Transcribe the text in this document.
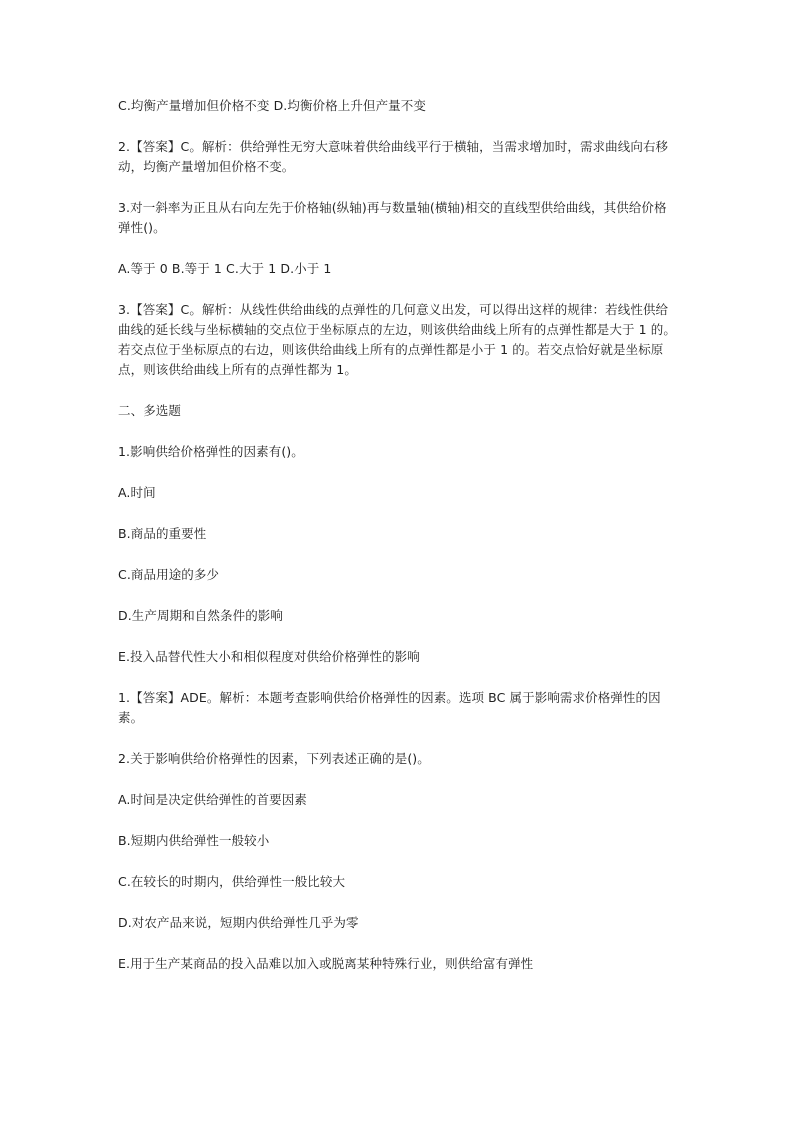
C.均衡产量增加但价格不变 D.均衡价格上升但产量不变

2.【答案】C。解析：供给弹性无穷大意味着供给曲线平行于横轴，当需求增加时，需求曲线向右移动，均衡产量增加但价格不变。

3.对一斜率为正且从右向左先于价格轴(纵轴)再与数量轴(横轴)相交的直线型供给曲线，其供给价格弹性()。

A.等于 0 B.等于 1 C.大于 1 D.小于 1

3.【答案】C。解析：从线性供给曲线的点弹性的几何意义出发，可以得出这样的规律：若线性供给曲线的延长线与坐标横轴的交点位于坐标原点的左边，则该供给曲线上所有的点弹性都是大于 1 的。若交点位于坐标原点的右边，则该供给曲线上所有的点弹性都是小于 1 的。若交点恰好就是坐标原点，则该供给曲线上所有的点弹性都为 1。

二、多选题

1.影响供给价格弹性的因素有()。

A.时间

B.商品的重要性

C.商品用途的多少

D.生产周期和自然条件的影响

E.投入品替代性大小和相似程度对供给价格弹性的影响

1.【答案】ADE。解析：本题考查影响供给价格弹性的因素。选项 BC 属于影响需求价格弹性的因素。

2.关于影响供给价格弹性的因素，下列表述正确的是()。

A.时间是决定供给弹性的首要因素

B.短期内供给弹性一般较小

C.在较长的时期内，供给弹性一般比较大

D.对农产品来说，短期内供给弹性几乎为零

E.用于生产某商品的投入品难以加入或脱离某种特殊行业，则供给富有弹性
